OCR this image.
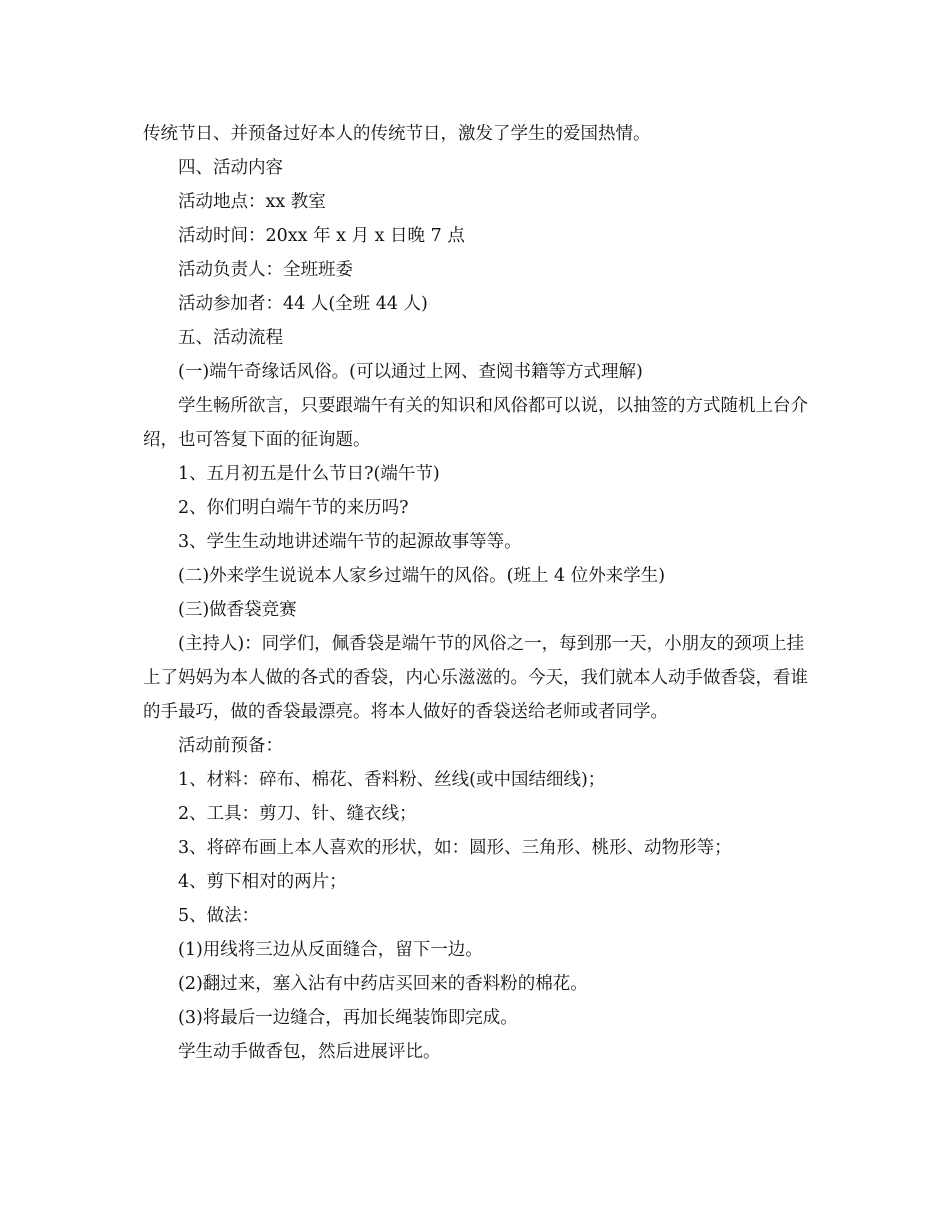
传统节日、并预备过好本人的传统节日，激发了学生的爱国热情。

四、活动内容

活动地点：xx 教室

活动时间：20xx 年 x 月 x 日晚 7 点

活动负责人：全班班委

活动参加者：44 人(全班 44 人)

五、活动流程

(一)端午奇缘话风俗。(可以通过上网、查阅书籍等方式理解)

学生畅所欲言，只要跟端午有关的知识和风俗都可以说，以抽签的方式随机上台介绍，也可答复下面的征询题。

1、五月初五是什么节日?(端午节)

2、你们明白端午节的来历吗?

3、学生生动地讲述端午节的起源故事等等。

(二)外来学生说说本人家乡过端午的风俗。(班上 4 位外来学生)

(三)做香袋竞赛

(主持人)：同学们，佩香袋是端午节的风俗之一，每到那一天，小朋友的颈项上挂上了妈妈为本人做的各式的香袋，内心乐滋滋的。今天，我们就本人动手做香袋，看谁的手最巧，做的香袋最漂亮。将本人做好的香袋送给老师或者同学。

活动前预备：

1、材料：碎布、棉花、香料粉、丝线(或中国结细线)；

2、工具：剪刀、针、缝衣线；

3、将碎布画上本人喜欢的形状，如：圆形、三角形、桃形、动物形等；

4、剪下相对的两片；

5、做法：

(1)用线将三边从反面缝合，留下一边。

(2)翻过来，塞入沾有中药店买回来的香料粉的棉花。

(3)将最后一边缝合，再加长绳装饰即完成。

学生动手做香包，然后进展评比。
